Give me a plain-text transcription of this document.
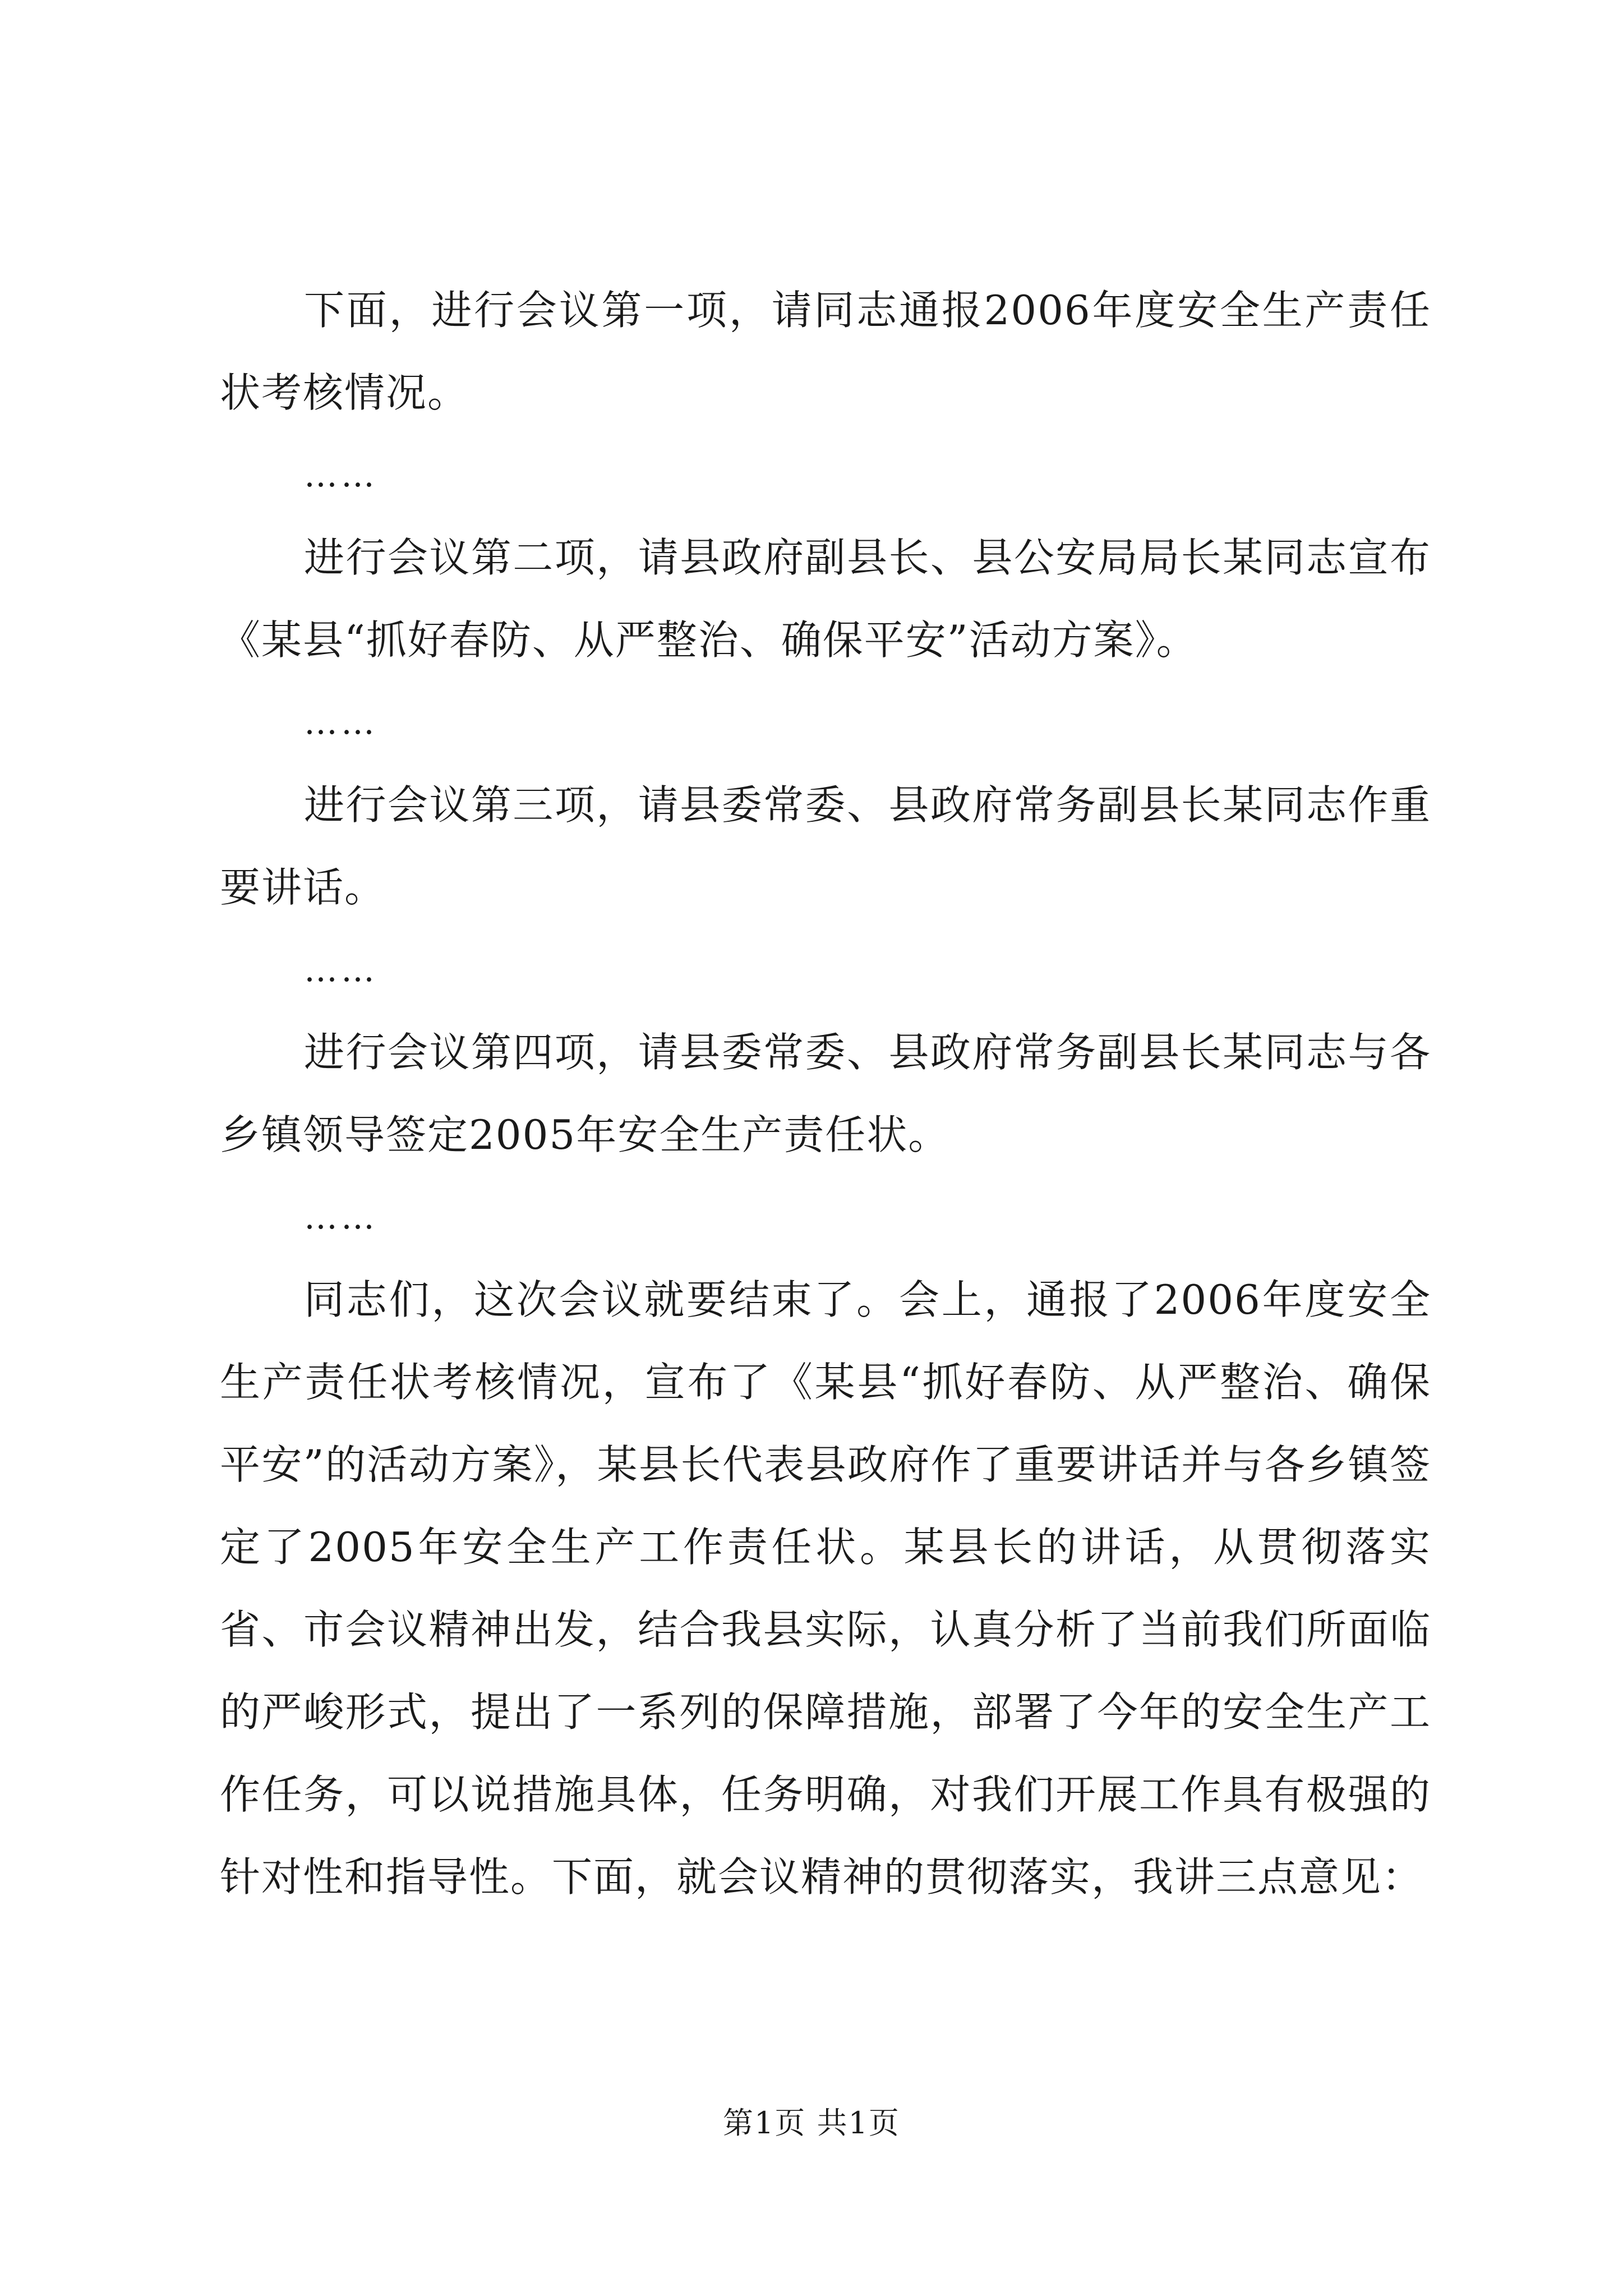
下面，进行会议第一项，请同志通报2006年度安全生产责任状考核情况。

……

进行会议第二项，请县政府副县长、县公安局局长某同志宣布《某县“抓好春防、从严整治、确保平安”活动方案》。

……

进行会议第三项，请县委常委、县政府常务副县长某同志作重要讲话。

……

进行会议第四项，请县委常委、县政府常务副县长某同志与各乡镇领导签定2005年安全生产责任状。

……

同志们，这次会议就要结束了。会上，通报了2006年度安全生产责任状考核情况，宣布了《某县“抓好春防、从严整治、确保平安”的活动方案》，某县长代表县政府作了重要讲话并与各乡镇签定了2005年安全生产工作责任状。某县长的讲话，从贯彻落实省、市会议精神出发，结合我县实际，认真分析了当前我们所面临的严峻形式，提出了一系列的保障措施，部署了今年的安全生产工作任务，可以说措施具体，任务明确，对我们开展工作具有极强的针对性和指导性。下面，就会议精神的贯彻落实，我讲三点意见：

第1页 共1页
